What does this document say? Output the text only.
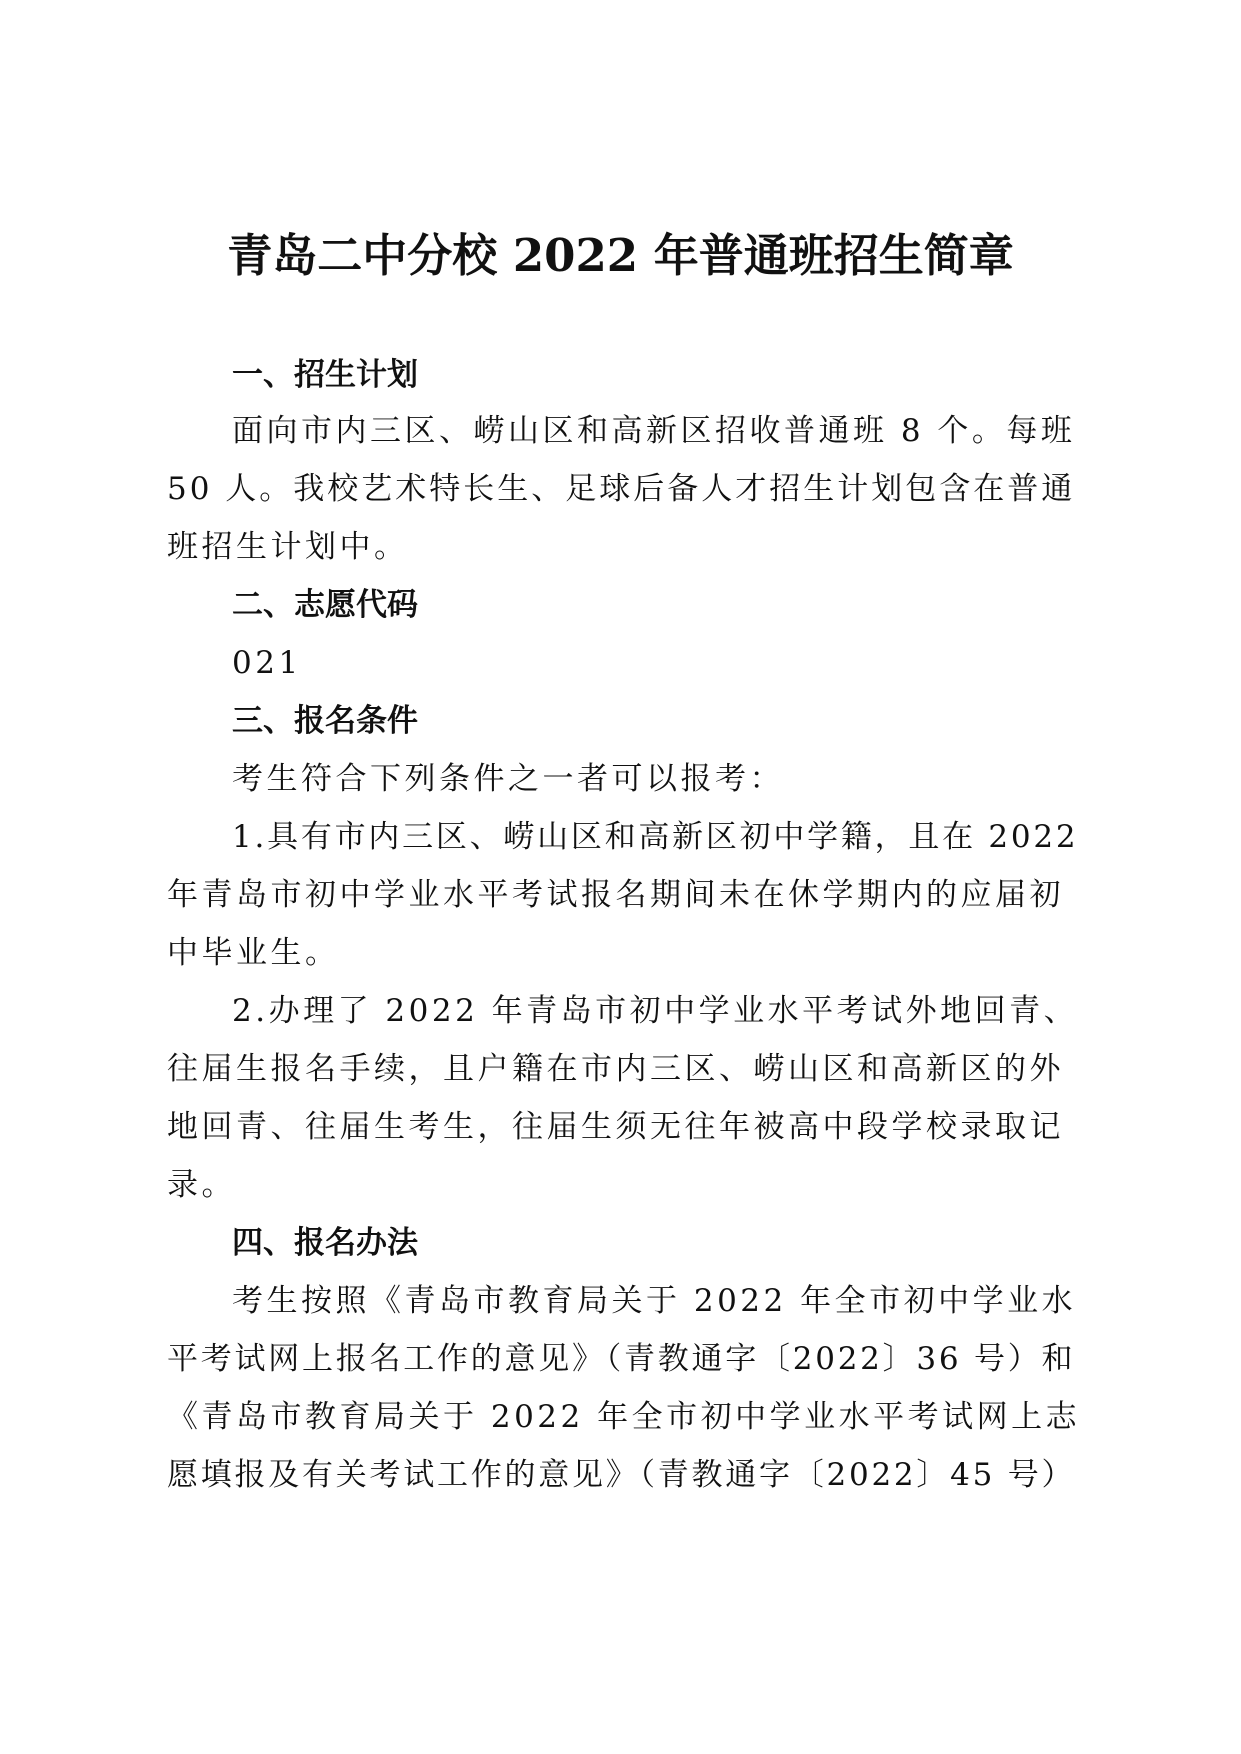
青岛二中分校 2022 年普通班招生简章
一、招生计划

面向市内三区、崂山区和高新区招收普通班 8 个。每班

50 人。我校艺术特长生、足球后备人才招生计划包含在普通

班招生计划中。

二、志愿代码

021

三、报名条件

考生符合下列条件之一者可以报考：

1.具有市内三区、崂山区和高新区初中学籍，且在 2022

年青岛市初中学业水平考试报名期间未在休学期内的应届初

中毕业生。

2.办理了 2022 年青岛市初中学业水平考试外地回青、

往届生报名手续，且户籍在市内三区、崂山区和高新区的外

地回青、往届生考生，往届生须无往年被高中段学校录取记

录。

四、报名办法

考生按照《青岛市教育局关于 2022 年全市初中学业水

平考试网上报名工作的意见》（青教通字〔2022〕36 号）和

《青岛市教育局关于 2022 年全市初中学业水平考试网上志

愿填报及有关考试工作的意见》（青教通字〔2022〕45 号）
